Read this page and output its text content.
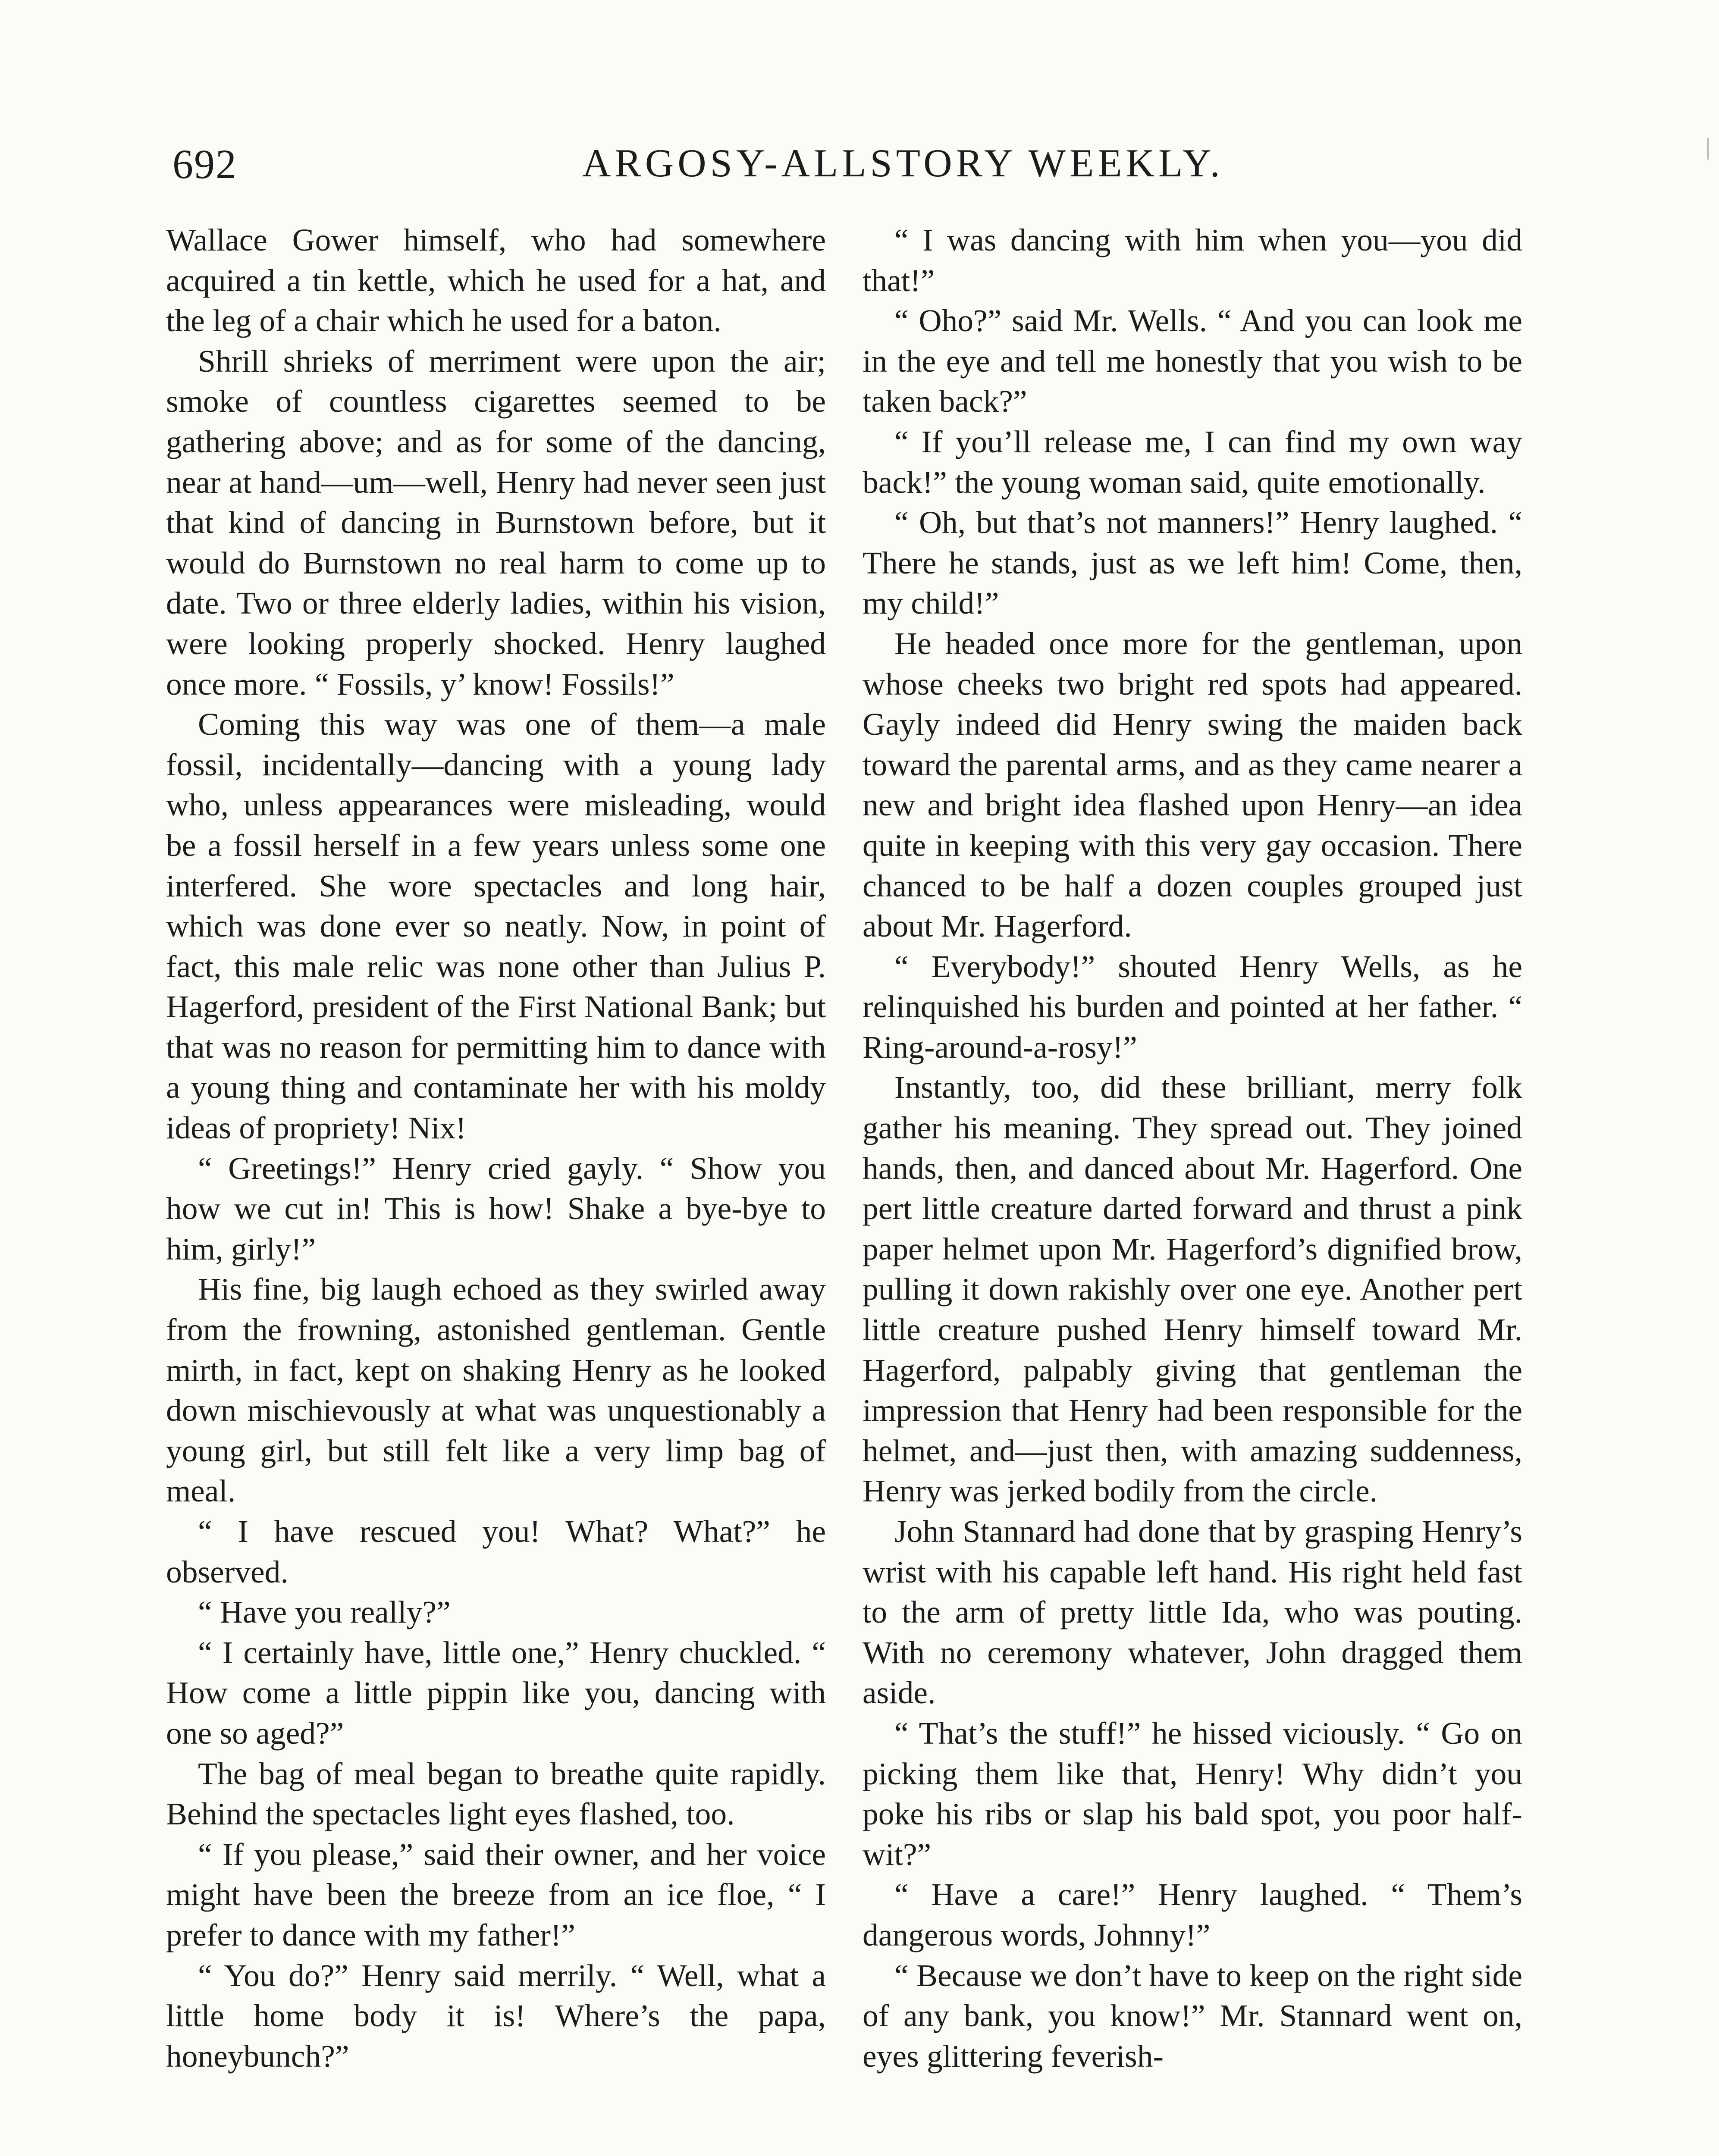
692	ARGOSY-ALLSTORY WEEKLY.

Wallace Gower himself, who had somewhere acquired a tin kettle, which he used for a hat, and the leg of a chair which he used for a baton.

Shrill shrieks of merriment were upon the air; smoke of countless cigarettes seemed to be gathering above; and as for some of the dancing, near at hand—um—well, Henry had never seen just that kind of dancing in Burnstown before, but it would do Burnstown no real harm to come up to date. Two or three elderly ladies, within his vision, were looking properly shocked. Henry laughed once more. “ Fossils, y’ know! Fossils!”

Coming this way was one of them—a male fossil, incidentally—dancing with a young lady who, unless appearances were misleading, would be a fossil herself in a few years unless some one interfered. She wore spectacles and long hair, which was done ever so neatly. Now, in point of fact, this male relic was none other than Julius P. Hagerford, president of the First National Bank; but that was no reason for permitting him to dance with a young thing and contaminate her with his moldy ideas of propriety! Nix!

“ Greetings!” Henry cried gayly. “ Show you how we cut in! This is how! Shake a bye-bye to him, girly!”

His fine, big laugh echoed as they swirled away from the frowning, astonished gentleman. Gentle mirth, in fact, kept on shaking Henry as he looked down mischievously at what was unquestionably a young girl, but still felt like a very limp bag of meal.

“ I have rescued you! What? What?” he observed.

“ Have you really?”

“ I certainly have, little one,” Henry chuckled. “ How come a little pippin like you, dancing with one so aged?”

The bag of meal began to breathe quite rapidly. Behind the spectacles light eyes flashed, too.

“ If you please,” said their owner, and her voice might have been the breeze from an ice floe, “ I prefer to dance with my father!”

“ You do?” Henry said merrily. “ Well, what a little home body it is! Where’s the papa, honeybunch?”

“ I was dancing with him when you—you did that!”

“ Oho?” said Mr. Wells. “ And you can look me in the eye and tell me honestly that you wish to be taken back?”

“ If you’ll release me, I can find my own way back!” the young woman said, quite emotionally.

“ Oh, but that’s not manners!” Henry laughed. “ There he stands, just as we left him! Come, then, my child!”

He headed once more for the gentleman, upon whose cheeks two bright red spots had appeared. Gayly indeed did Henry swing the maiden back toward the parental arms, and as they came nearer a new and bright idea flashed upon Henry—an idea quite in keeping with this very gay occasion. There chanced to be half a dozen couples grouped just about Mr. Hagerford.

“ Everybody!” shouted Henry Wells, as he relinquished his burden and pointed at her father. “ Ring-around-a-rosy!”

Instantly, too, did these brilliant, merry folk gather his meaning. They spread out. They joined hands, then, and danced about Mr. Hagerford. One pert little creature darted forward and thrust a pink paper helmet upon Mr. Hagerford’s dignified brow, pulling it down rakishly over one eye. Another pert little creature pushed Henry himself toward Mr. Hagerford, palpably giving that gentleman the impression that Henry had been responsible for the helmet, and—just then, with amazing suddenness, Henry was jerked bodily from the circle.

John Stannard had done that by grasping Henry’s wrist with his capable left hand. His right held fast to the arm of pretty little Ida, who was pouting. With no ceremony whatever, John dragged them aside.

“ That’s the stuff!” he hissed viciously. “ Go on picking them like that, Henry! Why didn’t you poke his ribs or slap his bald spot, you poor half-wit?”

“ Have a care!” Henry laughed. “ Them’s dangerous words, Johnny!”

“ Because we don’t have to keep on the right side of any bank, you know!” Mr. Stannard went on, eyes glittering feverish-
